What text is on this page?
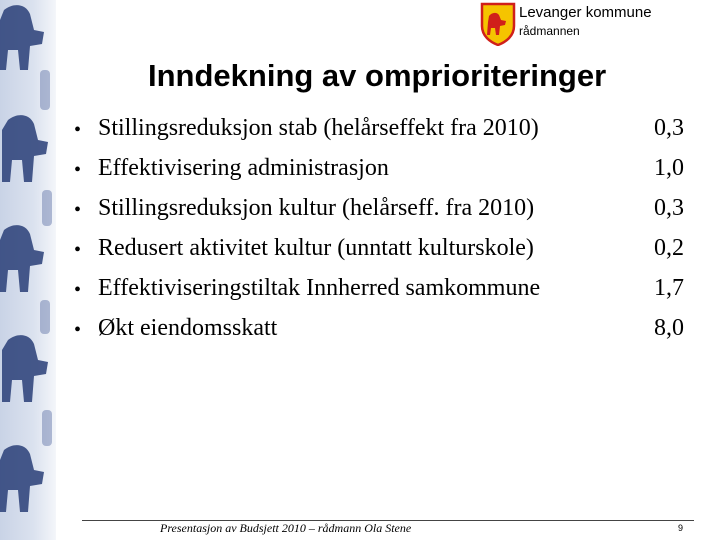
Levanger kommune
rådmannen
Inndekning av omprioriteringer
• Stillingsreduksjon stab (helårseffekt fra 2010)	0,3
• Effektivisering administrasjon	1,0
• Stillingsreduksjon kultur (helårseff. fra 2010)	0,3
• Redusert aktivitet kultur (unntatt kulturskole)	0,2
• Effektiviseringstiltak Innherred samkommune	1,7
• Økt eiendomsskatt	8,0
Presentasjon av Budsjett 2010 – rådmann Ola Stene	9
